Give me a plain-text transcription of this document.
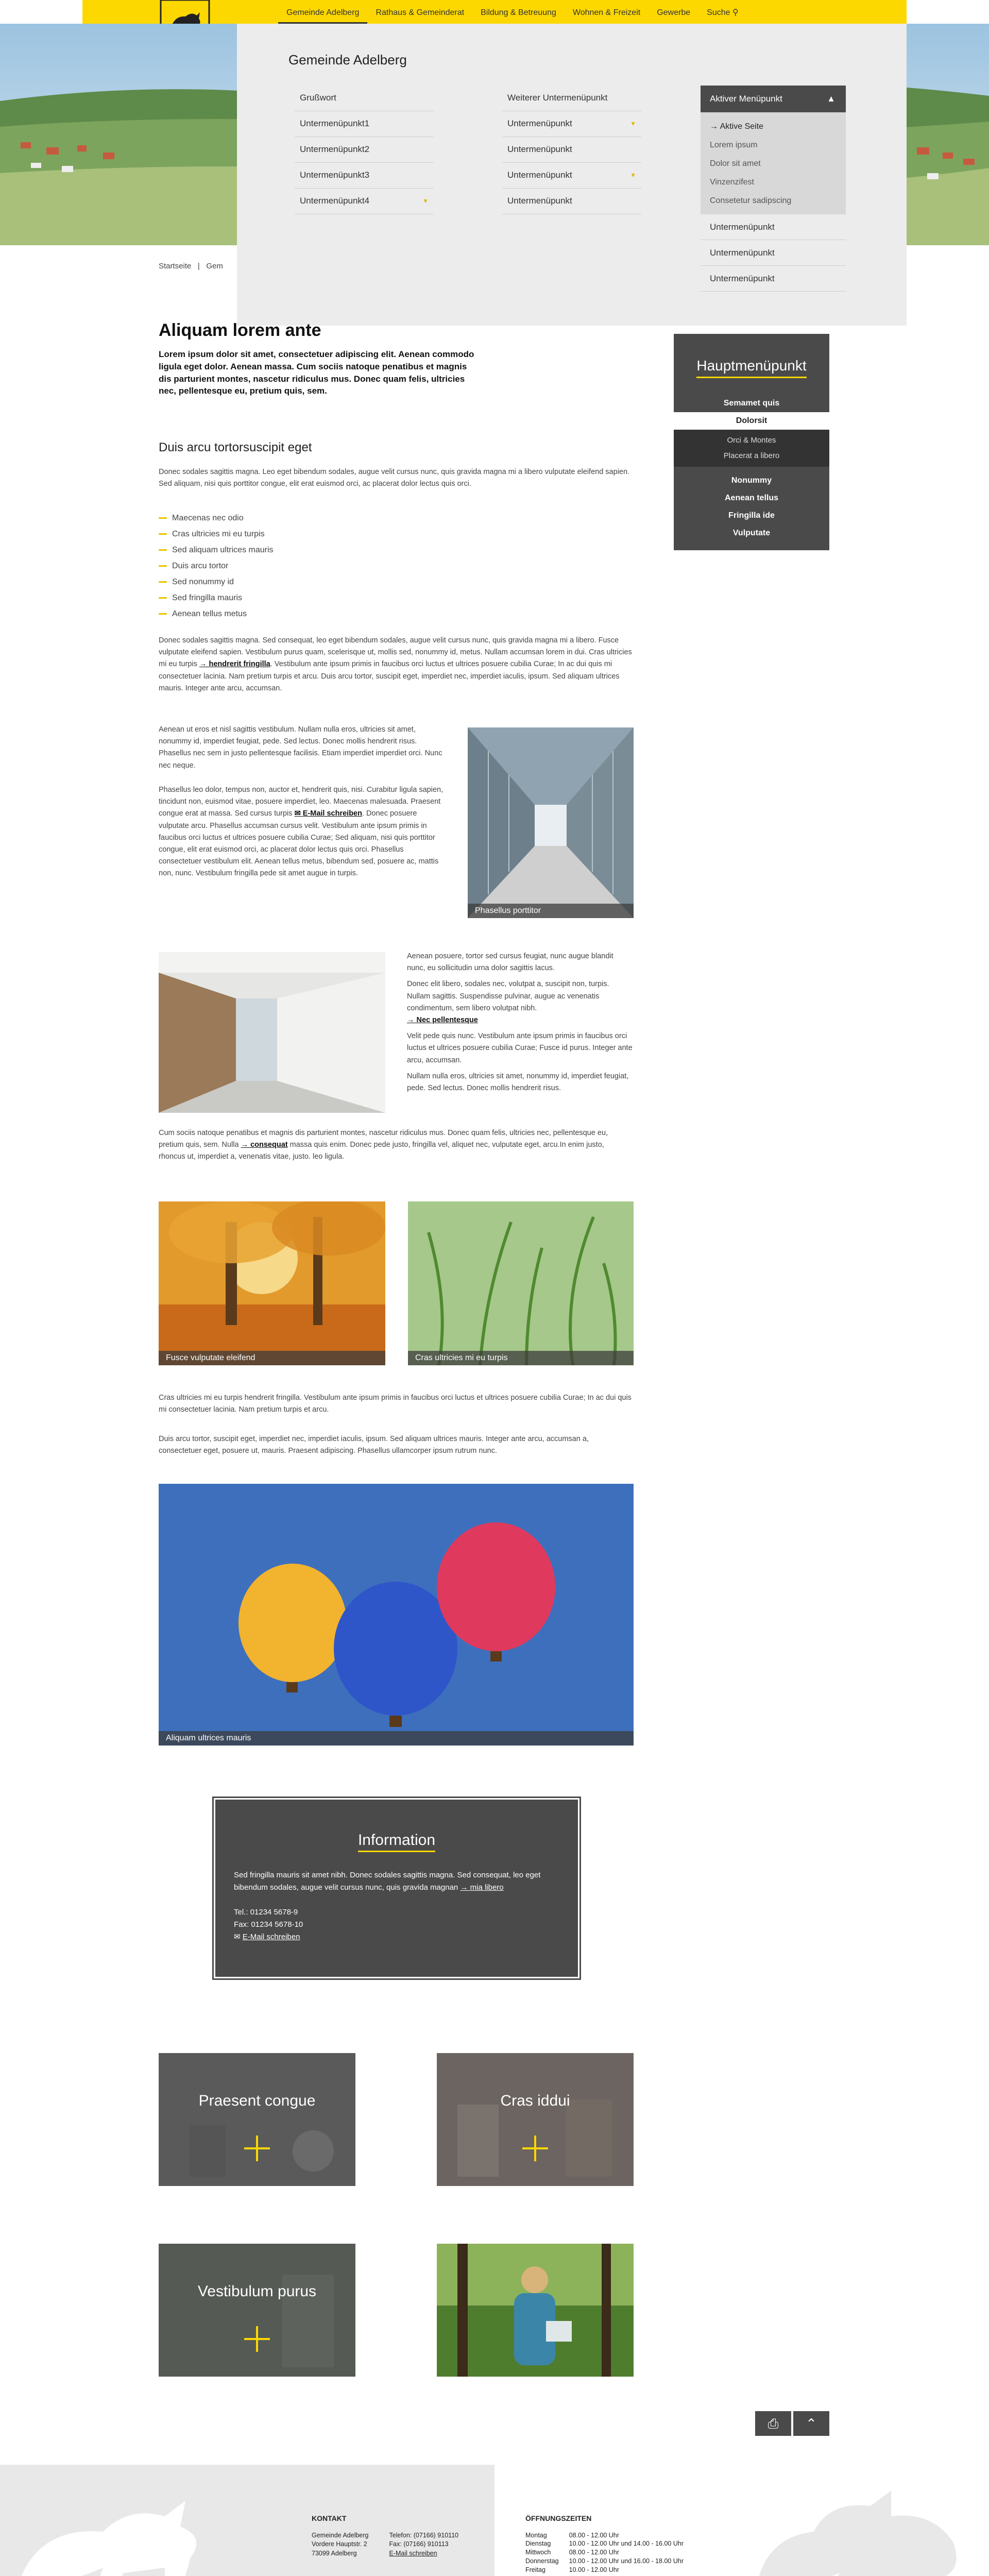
Gemeinde Adelberg	Rathaus & Gemeinderat	Bildung & Betreuung	Wohnen & Freizeit	Gewerbe	Suche ⚲
Gemeinde Adelberg
Grußwort
Untermenüpunkt1
Untermenüpunkt2
Untermenüpunkt3
Untermenüpunkt4	▼
Weiterer Untermenüpunkt
Untermenüpunkt	▼
Untermenüpunkt
Untermenüpunkt	▼
Untermenüpunkt
Aktiver Menüpunkt	▲
→ Aktive Seite
Lorem ipsum
Dolor sit amet
Vinzenzifest
Consetetur sadipscing
Untermenüpunkt
Untermenüpunkt
Untermenüpunkt
Startseite | Gem
Aliquam lorem ante

Lorem ipsum dolor sit amet, consectetuer adipiscing elit. Aenean commodo ligula eget dolor. Aenean massa. Cum sociis natoque penatibus et magnis dis parturient montes, nascetur ridiculus mus. Donec quam felis, ultricies nec, pellentesque eu, pretium quis, sem.

Duis arcu tortorsuscipit eget

Donec sodales sagittis magna. Leo eget bibendum sodales, augue velit cursus nunc, quis gravida magna mi a libero vulputate eleifend sapien. Sed aliquam, nisi quis porttitor congue, elit erat euismod orci, ac placerat dolor lectus quis orci.

Maecenas nec odio
Cras ultricies mi eu turpis
Sed aliquam ultrices mauris
Duis arcu tortor
Sed nonummy id
Sed fringilla mauris
Aenean tellus metus

Donec sodales sagittis magna. Sed consequat, leo eget bibendum sodales, augue velit cursus nunc, quis gravida magna mi a libero. Fusce vulputate eleifend sapien. Vestibulum purus quam, scelerisque ut, mollis sed, nonummy id, metus. Nullam accumsan lorem in dui. Cras ultricies mi eu turpis → hendrerit fringilla. Vestibulum ante ipsum primis in faucibus orci luctus et ultrices posuere cubilia Curae; In ac dui quis mi consectetuer lacinia. Nam pretium turpis et arcu. Duis arcu tortor, suscipit eget, imperdiet nec, imperdiet iaculis, ipsum. Sed aliquam ultrices mauris. Integer ante arcu, accumsan.

Aenean ut eros et nisl sagittis vestibulum. Nullam nulla eros, ultricies sit amet, nonummy id, imperdiet feugiat, pede. Sed lectus. Donec mollis hendrerit risus. Phasellus nec sem in justo pellentesque facilisis. Etiam imperdiet imperdiet orci. Nunc nec neque.

Phasellus leo dolor, tempus non, auctor et, hendrerit quis, nisi. Curabitur ligula sapien, tincidunt non, euismod vitae, posuere imperdiet, leo. Maecenas malesuada. Praesent congue erat at massa. Sed cursus turpis ✉ E-Mail schreiben. Donec posuere vulputate arcu. Phasellus accumsan cursus velit. Vestibulum ante ipsum primis in faucibus orci luctus et ultrices posuere cubilia Curae; Sed aliquam, nisi quis porttitor congue, elit erat euismod orci, ac placerat dolor lectus quis orci. Phasellus consectetuer vestibulum elit. Aenean tellus metus, bibendum sed, posuere ac, mattis non, nunc. Vestibulum fringilla pede sit amet augue in turpis.

Phasellus porttitor

Aenean posuere, tortor sed cursus feugiat, nunc augue blandit nunc, eu sollicitudin urna dolor sagittis lacus.

Donec elit libero, sodales nec, volutpat a, suscipit non, turpis. Nullam sagittis. Suspendisse pulvinar, augue ac venenatis condimentum, sem libero volutpat nibh.

→ Nec pellentesque

Velit pede quis nunc. Vestibulum ante ipsum primis in faucibus orci luctus et ultrices posuere cubilia Curae; Fusce id purus. Integer ante arcu, accumsan.

Nullam nulla eros, ultricies sit amet, nonummy id, imperdiet feugiat, pede. Sed lectus. Donec mollis hendrerit risus.

Cum sociis natoque penatibus et magnis dis parturient montes, nascetur ridiculus mus. Donec quam felis, ultricies nec, pellentesque eu, pretium quis, sem. Nulla → consequat massa quis enim. Donec pede justo, fringilla vel, aliquet nec, vulputate eget, arcu.In enim justo, rhoncus ut, imperdiet a, venenatis vitae, justo. leo ligula.

Fusce vulputate eleifend	Cras ultricies mi eu turpis

Cras ultricies mi eu turpis hendrerit fringilla. Vestibulum ante ipsum primis in faucibus orci luctus et ultrices posuere cubilia Curae; In ac dui quis mi consectetuer lacinia. Nam pretium turpis et arcu.

Duis arcu tortor, suscipit eget, imperdiet nec, imperdiet iaculis, ipsum. Sed aliquam ultrices mauris. Integer ante arcu, accumsan a, consectetuer eget, posuere ut, mauris. Praesent adipiscing. Phasellus ullamcorper ipsum rutrum nunc.

Aliquam ultrices mauris
Hauptmenüpunkt
Semamet quis
Dolorsit
Orci & Montes
Placerat a libero
Nonummy
Aenean tellus
Fringilla ide
Vulputate
Information
Sed fringilla mauris sit amet nibh. Donec sodales sagittis magna. Sed consequat, leo eget bibendum sodales, augue velit cursus nunc, quis gravida magnan → mia libero
Tel.: 01234 5678-9
Fax: 01234 5678-10
✉ E-Mail schreiben
Praesent congue	Cras iddui
Vestibulum purus
⎙	⌃
KONTAKT
Gemeinde Adelberg
Vordere Hauptstr. 2
73099 Adelberg
Telefon: (07166) 910110
Fax: (07166) 910113
E-Mail schreiben
ÖFFNUNGSZEITEN
Montag	08.00 - 12.00 Uhr
Dienstag	10.00 - 12.00 Uhr und 14.00 - 16.00 Uhr
Mittwoch	08.00 - 12.00 Uhr
Donnerstag	10.00 - 12.00 Uhr und 16.00 - 18.00 Uhr
Freitag	10.00 - 12.00 Uhr
